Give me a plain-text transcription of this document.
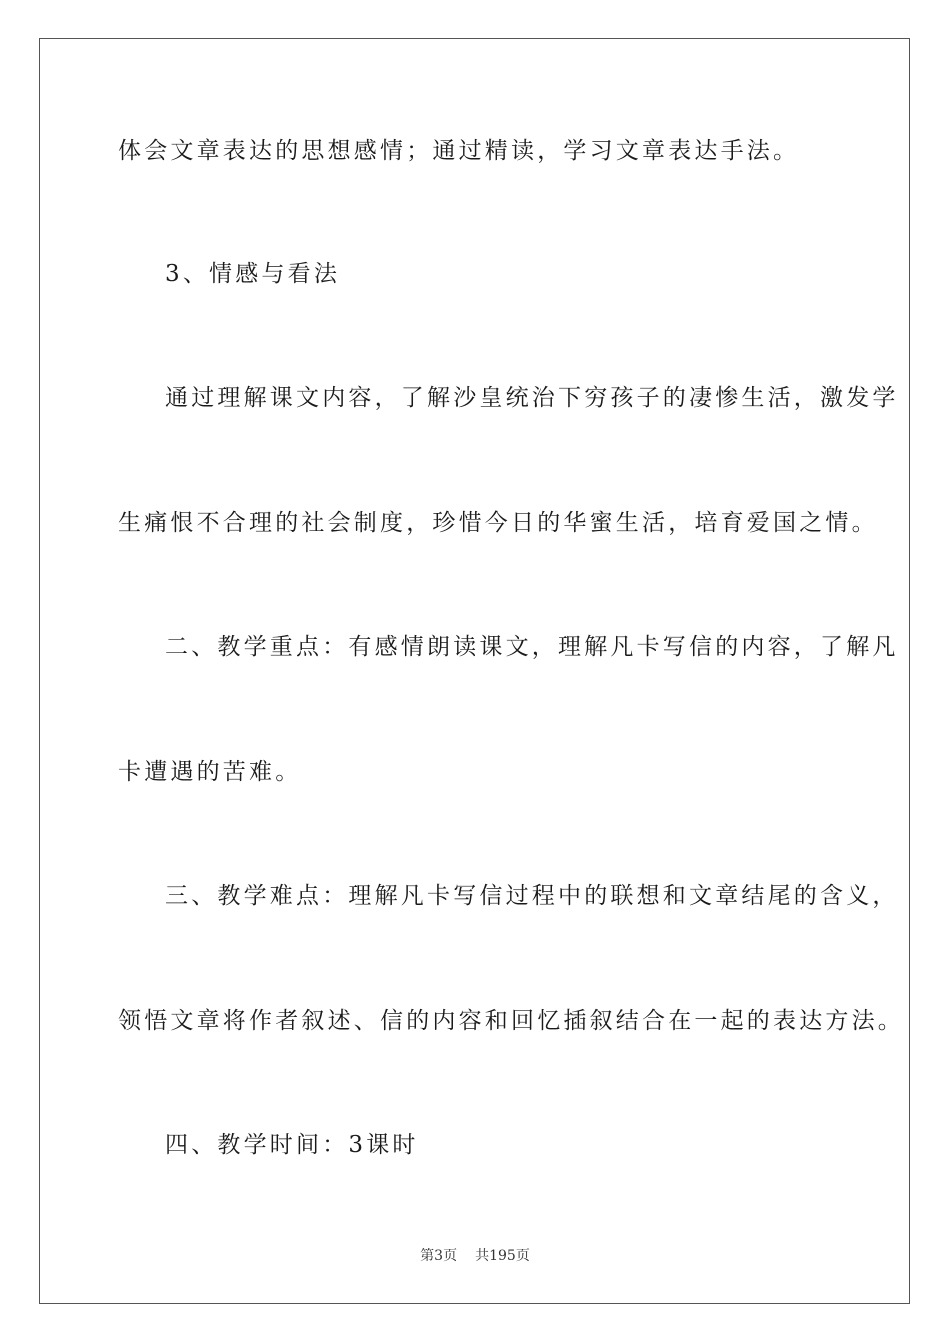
体会文章表达的思想感情；通过精读，学习文章表达手法。
3、情感与看法
通过理解课文内容，了解沙皇统治下穷孩子的凄惨生活，激发学
生痛恨不合理的社会制度，珍惜今日的华蜜生活，培育爱国之情。
二、教学重点：有感情朗读课文，理解凡卡写信的内容，了解凡
卡遭遇的苦难。
三、教学难点：理解凡卡写信过程中的联想和文章结尾的含义，
领悟文章将作者叙述、信的内容和回忆插叙结合在一起的表达方法。
四、教学时间：3课时
第3页 共195页
